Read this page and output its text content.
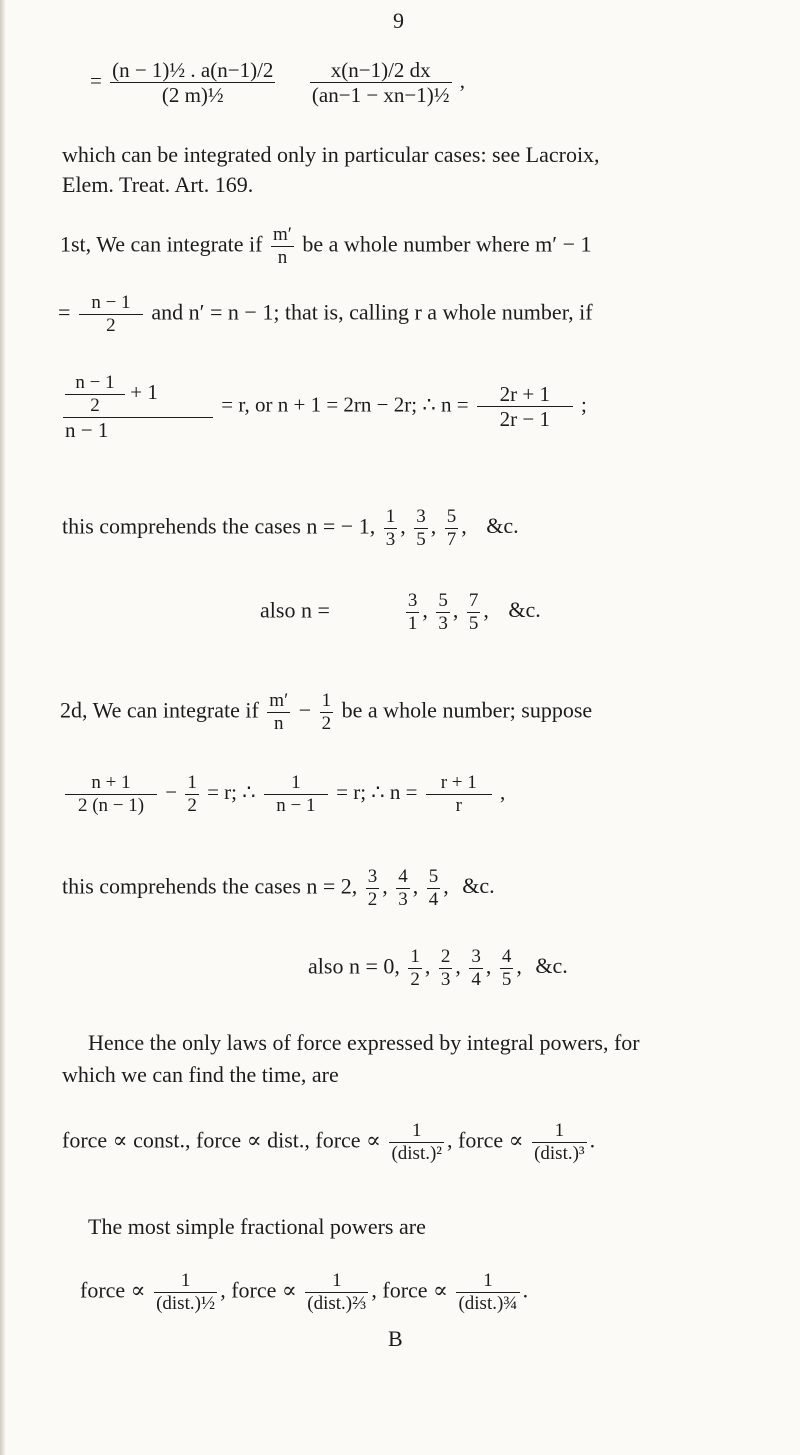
9
= $\frac{\text{(n − 1)½ . a(n−1)/2}}{\text{(2 m)½}}$
$\frac{x(n-1)/2 dx}{\text{(an−1 − xn−1)½}}$ ,
which can be integrated only in particular cases: see Lacroix,
Elem. Treat. Art. 169.
1st, We can integrate if $\frac{m'}{n}$ be a whole number where m′ − 1
= $\frac{n - 1}{2}$ and n′ = n − 1; that is, calling r a whole number, if
$\frac{\frac{n - 1}{2} + 1}{n - 1} = r$, or n + 1 = 2rn − 2r; ∴ $n = \frac{2r + 1}{2r - 1}$ ;
this comprehends the cases n = − 1, $\frac{1}{3}$ , $\frac{3}{5}$ , $\frac{5}{7}$ , &c.
also n =	$\frac{3}{1}$ , $\frac{5}{3}$ , $\frac{7}{5}$ , &c.
2d, We can integrate if $\frac{m'}{n} - \frac{1}{2}$ be a whole number; suppose
$\frac{n + 1}{2 (n - 1)} - \frac{1}{2} = r$; ∴ $\frac{1}{n - 1} = r$; ∴ $n = \frac{r + 1}{r}$ ,
this comprehends the cases n = 2, $\frac{3}{2}$ , $\frac{4}{3}$ , $\frac{5}{4}$ , &c.
also n = 0, $\frac{1}{2}$ , $\frac{2}{3}$ , $\frac{3}{4}$ , $\frac{4}{5}$ , &c.
Hence the only laws of force expressed by integral powers, for
which we can find the time, are
force ∝ const., force ∝ dist., force ∝ $\frac{1}{\text{(dist.)²}}$ , force ∝ $\frac{1}{\text{(dist.)³}}$ .
The most simple fractional powers are
force ∝ $\frac{1}{\text{(dist.)½}}$ , force ∝ $\frac{1}{\text{(dist.)⅔}}$ , force ∝ $\frac{1}{\text{(dist.)¾}}$ .
B
